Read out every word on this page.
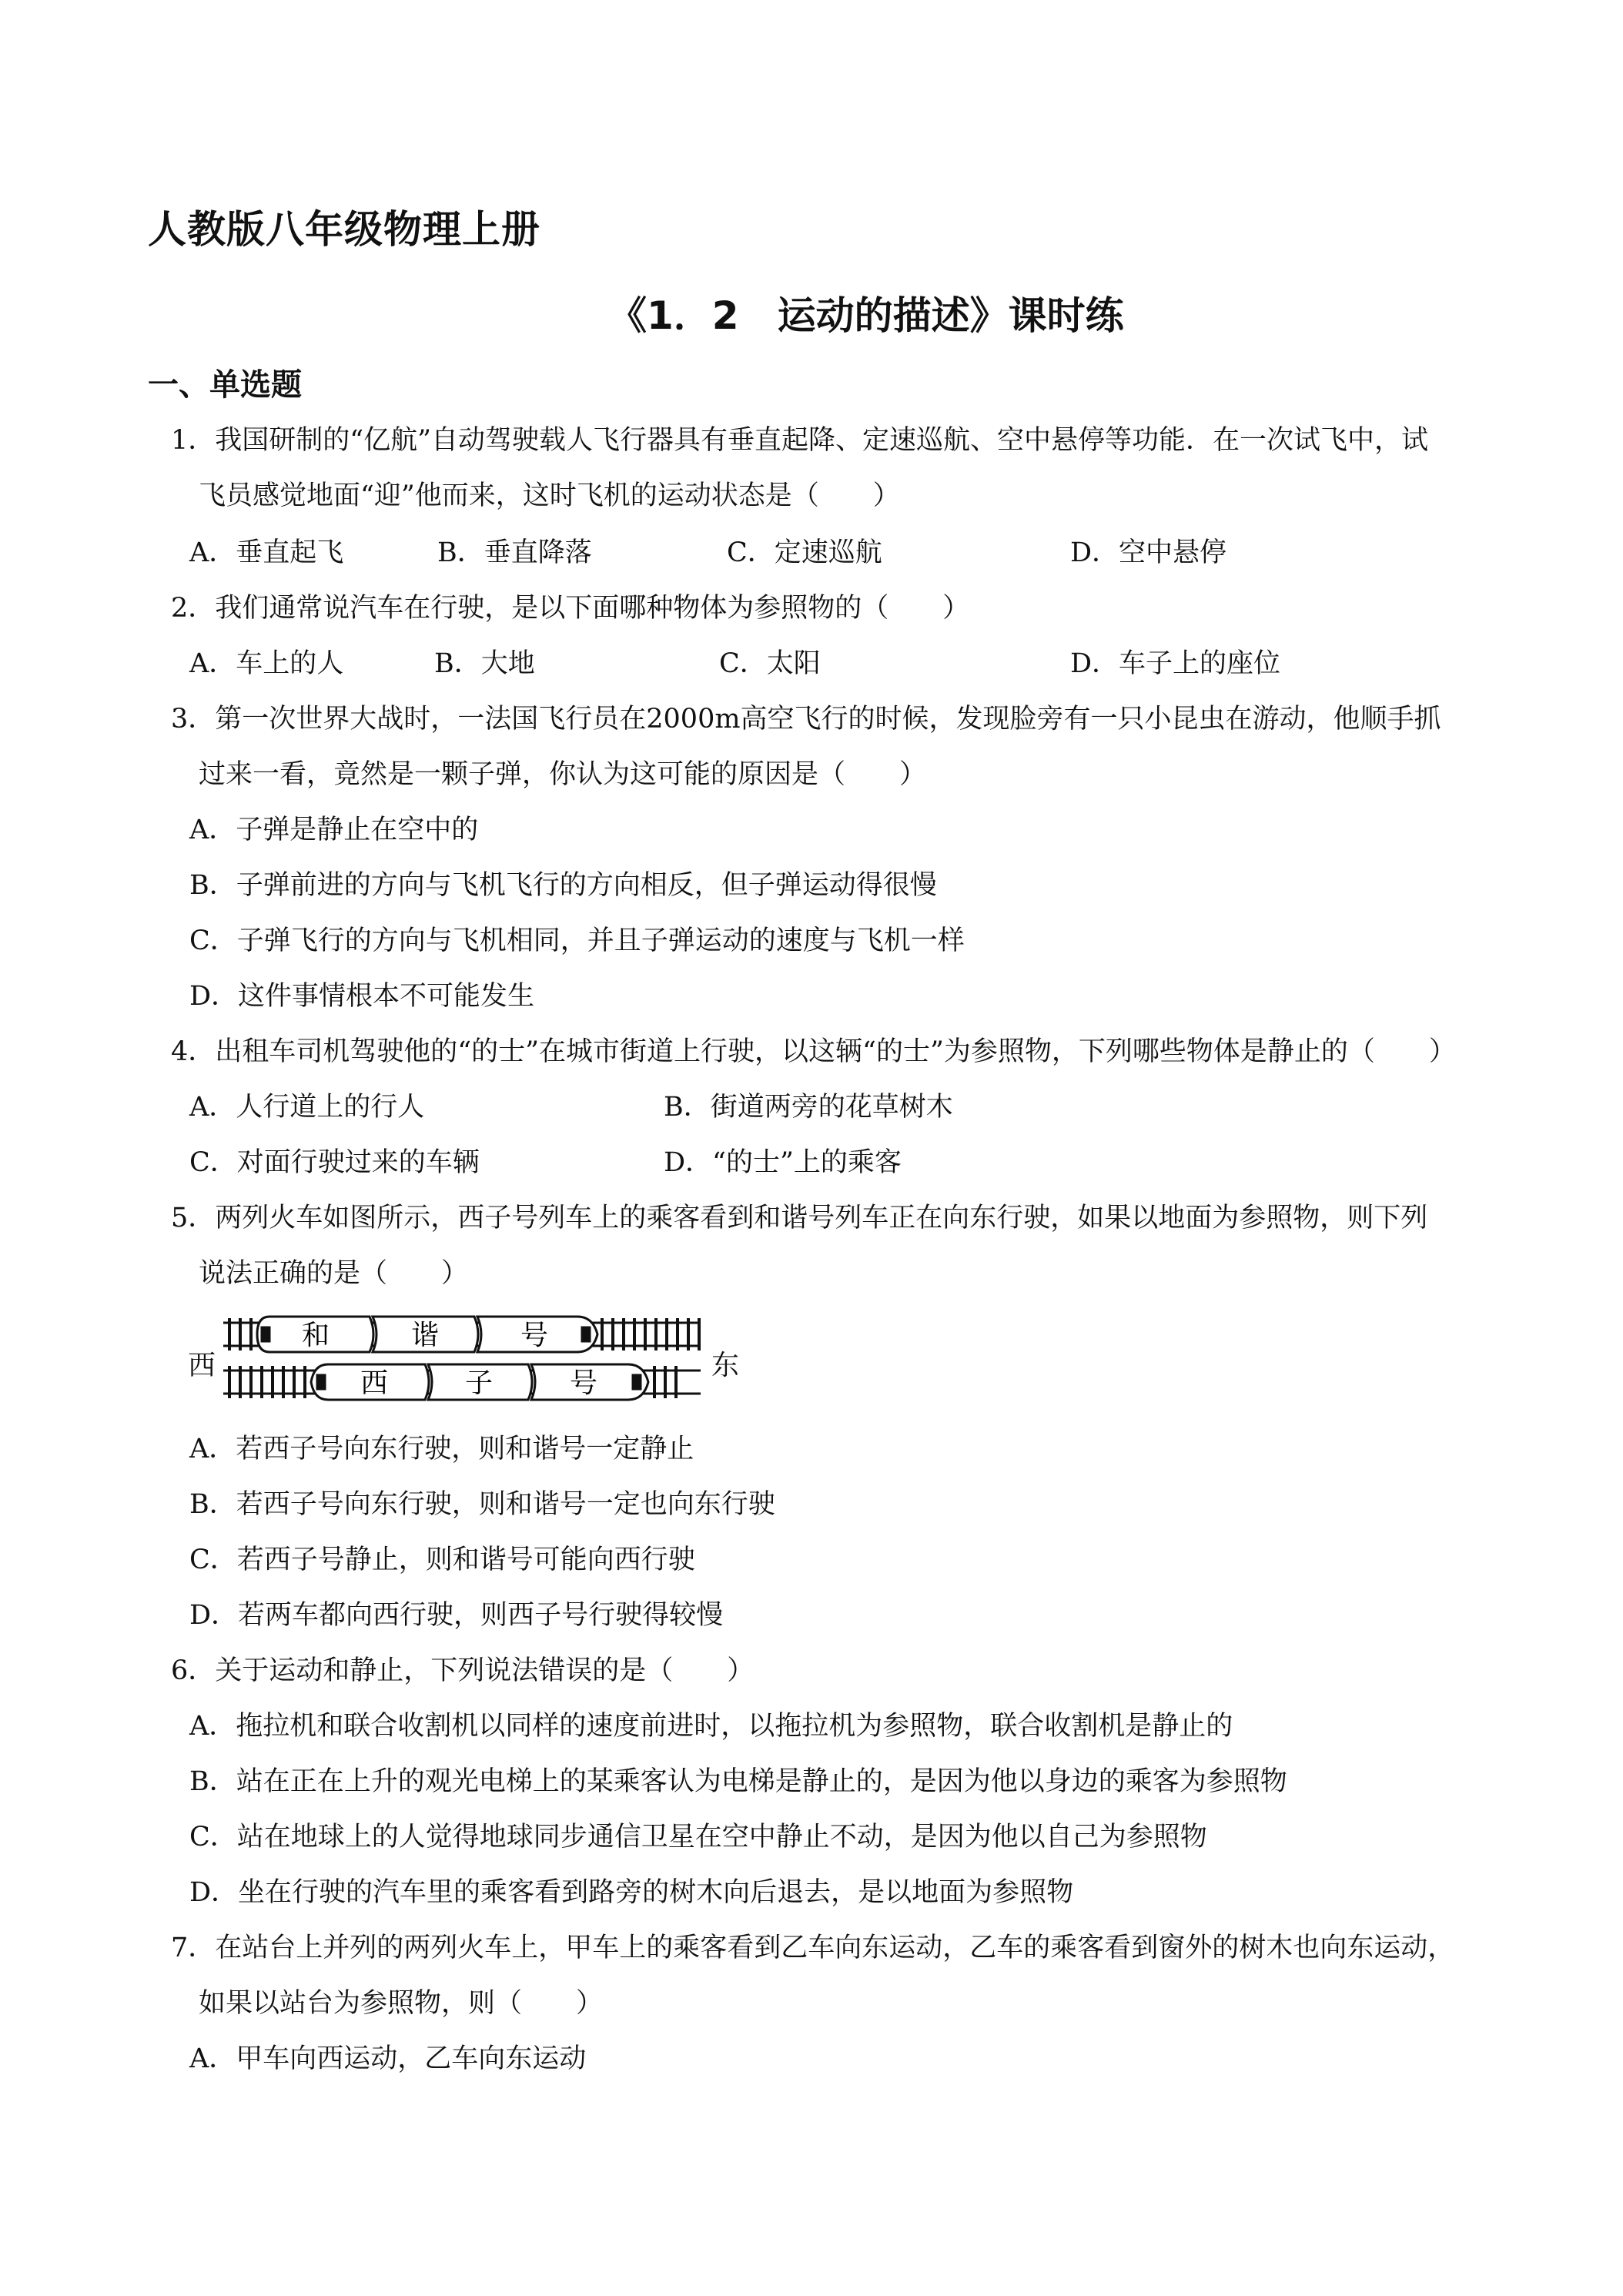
人教版八年级物理上册
《1．2　运动的描述》课时练
一、单选题
1．我国研制的“亿航”自动驾驶载人飞行器具有垂直起降、定速巡航、空中悬停等功能．在一次试飞中，试
飞员感觉地面“迎”他而来，这时飞机的运动状态是（　　）
A．垂直起飞	B．垂直降落	C．定速巡航	D．空中悬停
2．我们通常说汽车在行驶，是以下面哪种物体为参照物的（　　）
A．车上的人	B．大地	C．太阳	D．车子上的座位
3．第一次世界大战时，一法国飞行员在2000m高空飞行的时候，发现脸旁有一只小昆虫在游动，他顺手抓
过来一看，竟然是一颗子弹，你认为这可能的原因是（　　）
A．子弹是静止在空中的
B．子弹前进的方向与飞机飞行的方向相反，但子弹运动得很慢
C．子弹飞行的方向与飞机相同，并且子弹运动的速度与飞机一样
D．这件事情根本不可能发生
4．出租车司机驾驶他的“的士”在城市街道上行驶，以这辆“的士”为参照物，下列哪些物体是静止的（　　）
A．人行道上的行人	B．街道两旁的花草树木
C．对面行驶过来的车辆	D．“的士”上的乘客
5．两列火车如图所示，西子号列车上的乘客看到和谐号列车正在向东行驶，如果以地面为参照物，则下列
说法正确的是（　　）
西	东
和	谐	号
西	子	号
A．若西子号向东行驶，则和谐号一定静止
B．若西子号向东行驶，则和谐号一定也向东行驶
C．若西子号静止，则和谐号可能向西行驶
D．若两车都向西行驶，则西子号行驶得较慢
6．关于运动和静止，下列说法错误的是（　　）
A．拖拉机和联合收割机以同样的速度前进时，以拖拉机为参照物，联合收割机是静止的
B．站在正在上升的观光电梯上的某乘客认为电梯是静止的，是因为他以身边的乘客为参照物
C．站在地球上的人觉得地球同步通信卫星在空中静止不动，是因为他以自己为参照物
D．坐在行驶的汽车里的乘客看到路旁的树木向后退去，是以地面为参照物
7．在站台上并列的两列火车上，甲车上的乘客看到乙车向东运动，乙车的乘客看到窗外的树木也向东运动，
如果以站台为参照物，则（　　）
A．甲车向西运动，乙车向东运动
